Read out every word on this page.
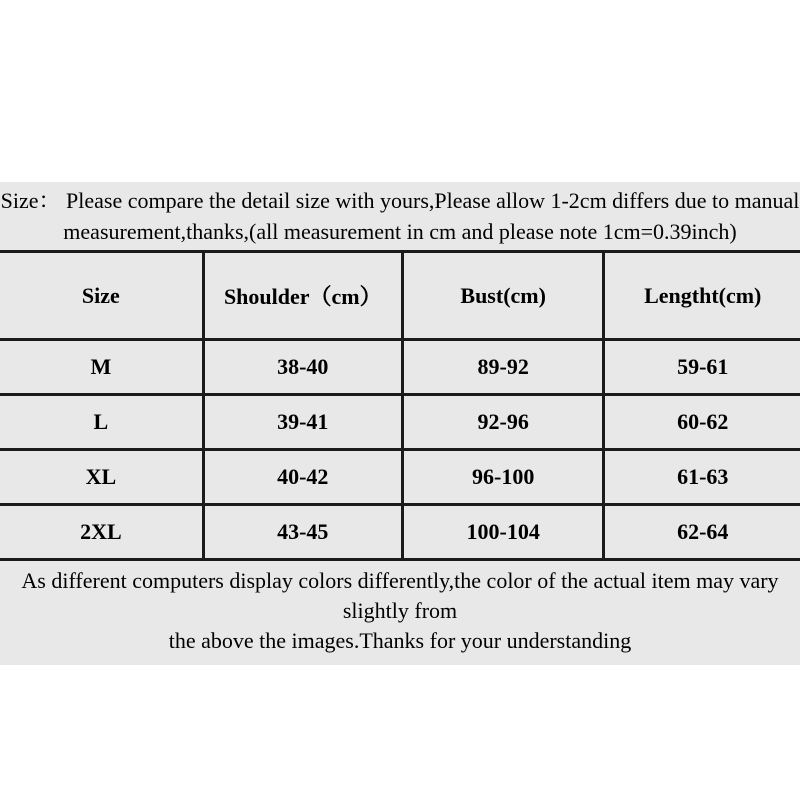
Size： Please compare the detail size with yours,Please allow 1-2cm differs due to manual
measurement,thanks,(all measurement in cm and please note 1cm=0.39inch)
Size	Shoulder（cm）	Bust(cm)	Lengtht(cm)
M	38-40	89-92	59-61
L	39-41	92-96	60-62
XL	40-42	96-100	61-63
2XL	43-45	100-104	62-64
As different computers display colors differently,the color of the actual item may vary slightly from
the above the images.Thanks for your understanding
